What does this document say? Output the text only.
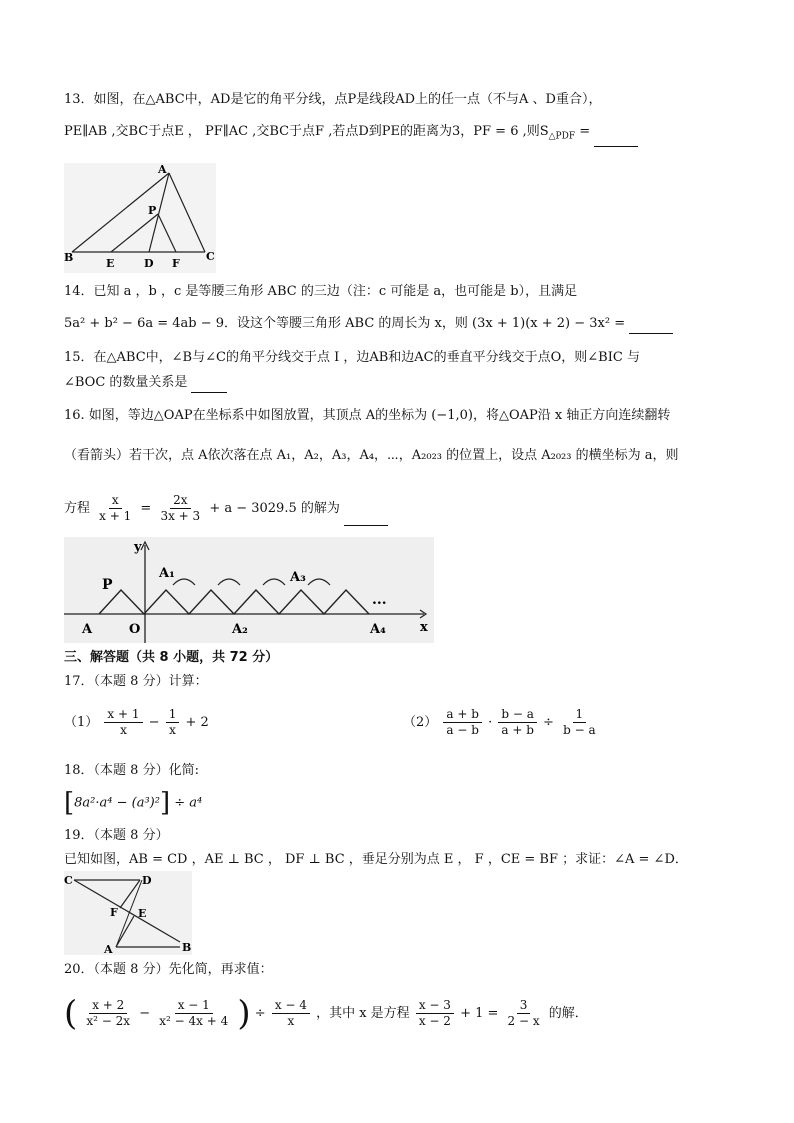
13．如图，在△ABC中，AD是它的角平分线，点P是线段AD上的任一点（不与A 、D重合），
PE∥AB ,交BC于点E ， PF∥AC ,交BC于点F ,若点D到PE的距离为3，PF = 6 ,则$S_{\triangle PDF}$ =
A
P
B	E	D F
C
14．已知 a ，b ，c 是等腰三角形 ABC 的三边（注：c 可能是 a，也可能是 b），且满足
5a² + b² − 6a = 4ab − 9．设这个等腰三角形 ABC 的周长为 x，则 (3x + 1)(x + 2) − 3x² =
15．在△ABC中，∠B与∠C的角平分线交于点 I ，边AB和边AC的垂直平分线交于点O，则∠BIC 与
∠BOC 的数量关系是
16. 如图，等边△OAP在坐标系中如图放置，其顶点 A的坐标为 (−1,0)，将△OAP沿 x 轴正方向连续翻转
（看箭头）若干次，点 A依次落在点 A₁，A₂，A₃，A₄，⋯，A₂₀₂₃ 的位置上，设点 A₂₀₂₃ 的横坐标为 a，则
方程 $\frac{x}{x + 1} = \frac{2x}{3x + 3} + a - 3029.5$ 的解为
y
P
A₁	A₃
A	O	A₂	A₄	x
...
三、解答题（共 8 小题，共 72 分）
17．（本题 8 分）计算：
$(1) \frac{x + 1}{x} - \frac{1}{x} + 2$	$(2) \frac{a + b}{a - b} \cdot \frac{b - a}{a + b} \div \frac{1}{b - a}$
18．（本题 8 分）化简:
[8a²·a⁴ − (a³)²] ÷ a⁴
19．（本题 8 分）
已知如图，AB = CD ，AE ⊥ BC ， DF ⊥ BC ，垂足分别为点 E ， F ，CE = BF ；求证：∠A = ∠D．
C	D
F E
A	B
20．（本题 8 分）先化简，再求值：
( $\frac{x + 2}{\text{x² − 2x}} - \frac{x - 1}{\text{x² − 4x + 4}}$ ) ÷ $\frac{x - 4}{x}$ ，其中 x 是方程 $\frac{x - 3}{x - 2} + 1 = \frac{3}{2 - x}$ 的解．
